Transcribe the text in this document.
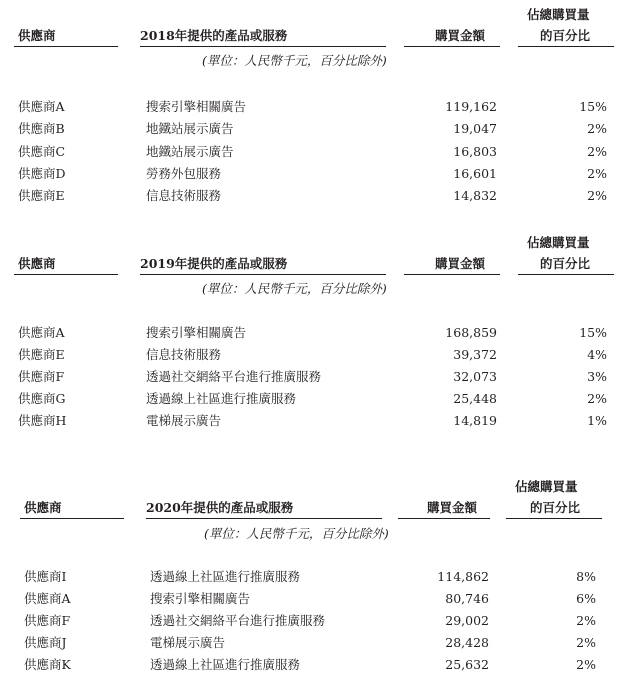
佔總購買量
供應商	2018年提供的產品或服務	購買金額	的百分比
(單位：人民幣千元，百分比除外)
供應商A	搜索引擎相關廣告	119,162	15%
供應商B	地鐵站展示廣告	19,047	2%
供應商C	地鐵站展示廣告	16,803	2%
供應商D	勞務外包服務	16,601	2%
供應商E	信息技術服務	14,832	2%
佔總購買量
供應商	2019年提供的產品或服務	購買金額	的百分比
(單位：人民幣千元，百分比除外)
供應商A	搜索引擎相關廣告	168,859	15%
供應商E	信息技術服務	39,372	4%
供應商F	透過社交網絡平台進行推廣服務	32,073	3%
供應商G	透過線上社區進行推廣服務	25,448	2%
供應商H	電梯展示廣告	14,819	1%
佔總購買量
供應商	2020年提供的產品或服務	購買金額	的百分比
(單位：人民幣千元，百分比除外)
供應商I	透過線上社區進行推廣服務	114,862	8%
供應商A	搜索引擎相關廣告	80,746	6%
供應商F	透過社交網絡平台進行推廣服務	29,002	2%
供應商J	電梯展示廣告	28,428	2%
供應商K	透過線上社區進行推廣服務	25,632	2%
